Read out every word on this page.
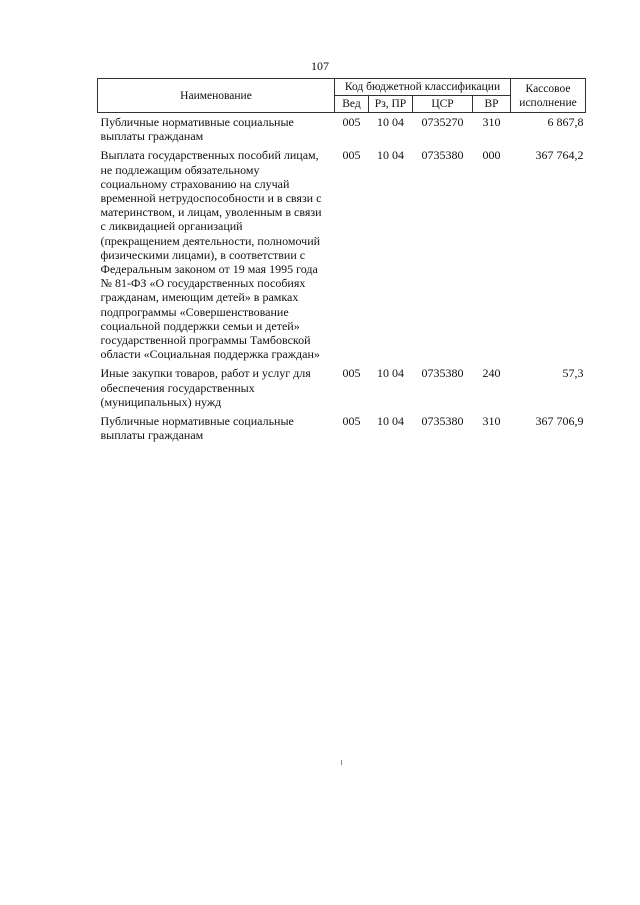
107
Наименование	Код бюджетной классификации				Кассовое исполнение
	Вед	Рз, ПР	ЦСР	ВР	
Публичные нормативные социальные выплаты гражданам	005	10 04	0735270	310	6 867,8
Выплата государственных пособий лицам, не подлежащим обязательному социальному страхованию на случай временной нетрудоспособности и в связи с материнством, и лицам, уволенным в связи с ликвидацией организаций (прекращением деятельности, полномочий физическими лицами), в соответствии с Федеральным законом от 19 мая 1995 года № 81-ФЗ «О государственных пособиях гражданам, имеющим детей» в рамках подпрограммы «Совершенствование социальной поддержки семьи и детей» государственной программы Тамбовской области «Социальная поддержка граждан»	005	10 04	0735380	000	367 764,2
Иные закупки товаров, работ и услуг для обеспечения государственных (муниципальных) нужд	005	10 04	0735380	240	57,3
Публичные нормативные социальные выплаты гражданам	005	10 04	0735380	310	367 706,9
